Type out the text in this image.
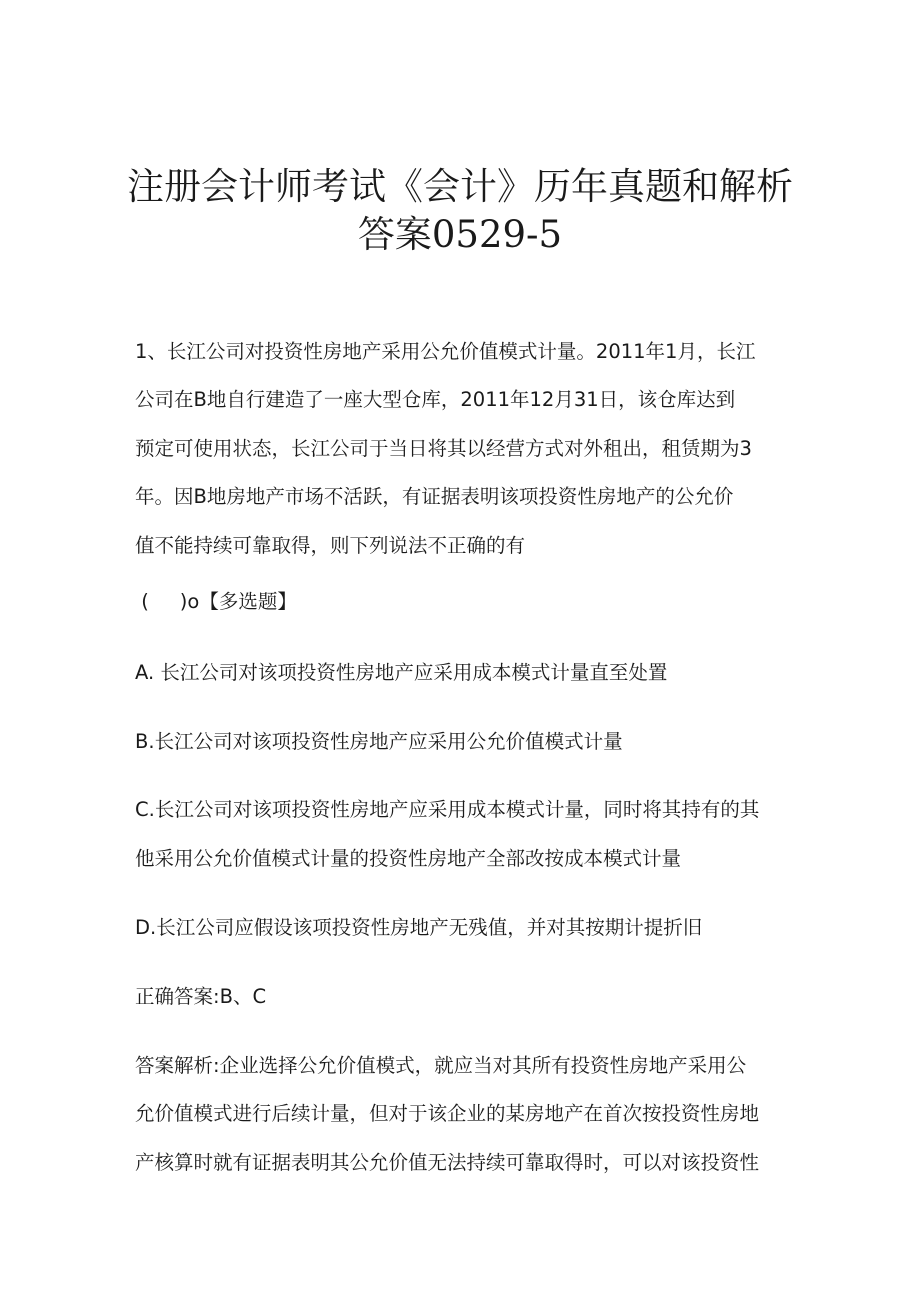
注册会计师考试《会计》历年真题和解析
答案0529-5
1、长江公司对投资性房地产采用公允价值模式计量。2011年1月，长江
公司在B地自行建造了一座大型仓库，2011年12月31日，该仓库达到
预定可使用状态，长江公司于当日将其以经营方式对外租出，租赁期为3
年。因B地房地产市场不活跃，有证据表明该项投资性房地产的公允价
值不能持续可靠取得，则下列说法不正确的有
(     )o【多选题】
A. 长江公司对该项投资性房地产应采用成本模式计量直至处置
B.长江公司对该项投资性房地产应采用公允价值模式计量
C.长江公司对该项投资性房地产应采用成本模式计量，同时将其持有的其
他采用公允价值模式计量的投资性房地产全部改按成本模式计量
D.长江公司应假设该项投资性房地产无残值，并对其按期计提折旧
正确答案:B、C
答案解析:企业选择公允价值模式，就应当对其所有投资性房地产采用公
允价值模式进行后续计量，但对于该企业的某房地产在首次按投资性房地
产核算时就有证据表明其公允价值无法持续可靠取得时，可以对该投资性
